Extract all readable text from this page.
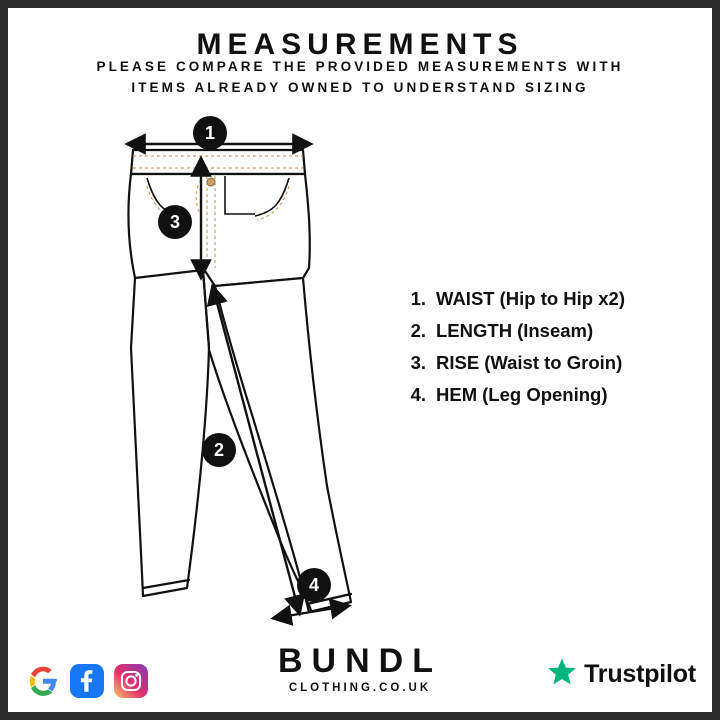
MEASUREMENTS
PLEASE COMPARE THE PROVIDED MEASUREMENTS WITH
ITEMS ALREADY OWNED TO UNDERSTAND SIZING
1
2
3
4
1. WAIST (Hip to Hip x2)
2. LENGTH (Inseam)
3. RISE (Waist to Groin)
4. HEM (Leg Opening)
BUNDL
CLOTHING.CO.UK	Trustpilot
